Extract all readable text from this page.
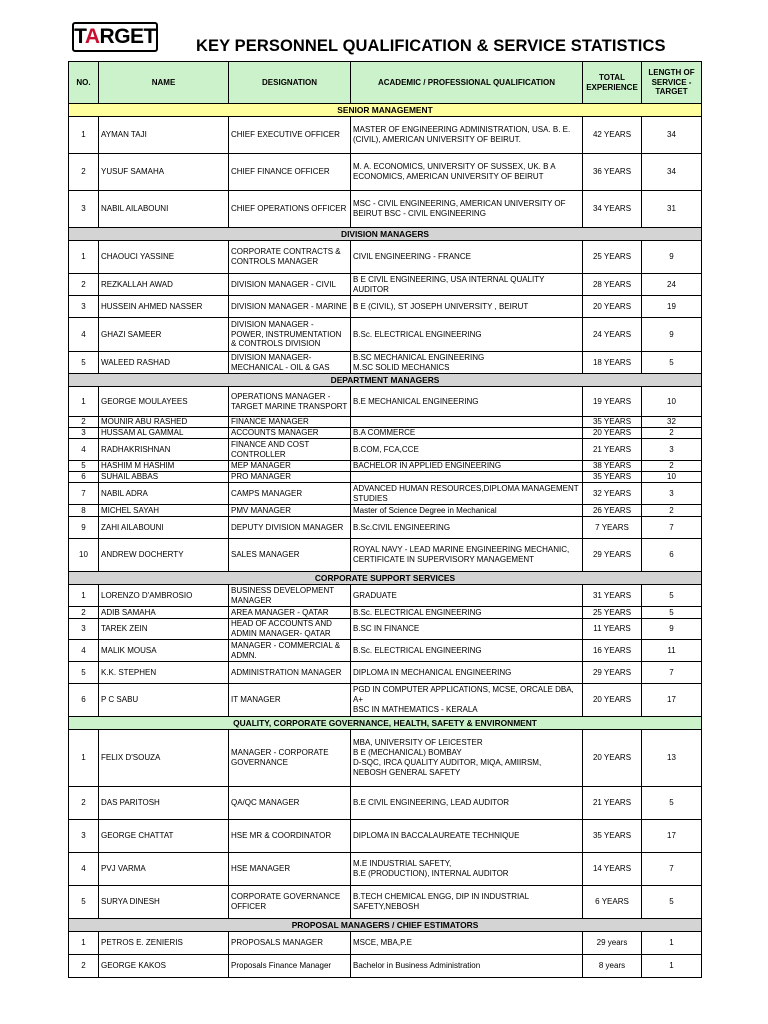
TARGET KEY PERSONNEL QUALIFICATION & SERVICE STATISTICS
NO.	NAME	DESIGNATION	ACADEMIC / PROFESSIONAL QUALIFICATION	TOTAL EXPERIENCE	LENGTH OF SERVICE - TARGET
SENIOR MANAGEMENT					
1	AYMAN TAJI	CHIEF EXECUTIVE OFFICER	MASTER OF ENGINEERING ADMINISTRATION, USA. B. E. (CIVIL), AMERICAN UNIVERSITY OF BEIRUT.	42 YEARS	34
2	YUSUF SAMAHA	CHIEF FINANCE OFFICER	M. A. ECONOMICS, UNIVERSITY OF SUSSEX, UK. B A ECONOMICS, AMERICAN UNIVERSITY OF BEIRUT	36 YEARS	34
3	NABIL AILABOUNI	CHIEF OPERATIONS OFFICER	MSC - CIVIL ENGINEERING, AMERICAN UNIVERSITY OF BEIRUT BSC - CIVIL ENGINEERING	34 YEARS	31
DIVISION MANAGERS					
1	CHAOUCI YASSINE	CORPORATE CONTRACTS & CONTROLS MANAGER	CIVIL ENGINEERING - FRANCE	25 YEARS	9
2	REZKALLAH AWAD	DIVISION MANAGER - CIVIL	B E CIVIL ENGINEERING, USA INTERNAL QUALITY AUDITOR	28 YEARS	24
3	HUSSEIN AHMED NASSER	DIVISION MANAGER - MARINE	B E (CIVIL), ST JOSEPH UNIVERSITY , BEIRUT	20 YEARS	19
4	GHAZI SAMEER	DIVISION MANAGER - POWER, INSTRUMENTATION & CONTROLS DIVISION	B.Sc. ELECTRICAL ENGINEERING	24 YEARS	9
5	WALEED RASHAD	DIVISION MANAGER- MECHANICAL - OIL & GAS	B.SC MECHANICAL ENGINEERING
M.SC SOLID MECHANICS	18 YEARS	5
DEPARTMENT MANAGERS					
1	GEORGE MOULAYEES	OPERATIONS MANAGER - TARGET MARINE TRANSPORT	B.E MECHANICAL ENGINEERING	19 YEARS	10
2	MOUNIR ABU RASHED	FINANCE MANAGER		35 YEARS	32
3	HUSSAM AL GAMMAL	ACCOUNTS MANAGER	B.A COMMERCE	20 YEARS	2
4	RADHAKRISHNAN	FINANCE AND COST CONTROLLER	B.COM, FCA,CCE	21 YEARS	3
5	HASHIM M HASHIM	MEP MANAGER	BACHELOR IN APPLIED ENGINEERING	38 YEARS	2
6	SUHAIL ABBAS	PRO MANAGER		35 YEARS	10
7	NABIL ADRA	CAMPS MANAGER	ADVANCED HUMAN RESOURCES,DIPLOMA MANAGEMENT STUDIES	32 YEARS	3
8	MICHEL SAYAH	PMV MANAGER	Master of Science Degree in Mechanical	26 YEARS	2
9	ZAHI AILABOUNI	DEPUTY DIVISION MANAGER	B.Sc.CIVIL ENGINEERING	7 YEARS	7
10	ANDREW DOCHERTY	SALES MANAGER	ROYAL NAVY - LEAD MARINE ENGINEERING MECHANIC, CERTIFICATE IN SUPERVISORY MANAGEMENT	29 YEARS	6
CORPORATE SUPPORT SERVICES					
1	LORENZO D'AMBROSIO	BUSINESS DEVELOPMENT MANAGER	GRADUATE	31 YEARS	5
2	ADIB SAMAHA	AREA MANAGER - QATAR	B.Sc. ELECTRICAL ENGINEERING	25 YEARS	5
3	TAREK ZEIN	HEAD OF ACCOUNTS AND ADMIN MANAGER- QATAR	B.SC IN FINANCE	11 YEARS	9
4	MALIK MOUSA	MANAGER - COMMERCIAL & ADMN.	B.Sc. ELECTRICAL ENGINEERING	16 YEARS	11
5	K.K. STEPHEN	ADMINISTRATION MANAGER	DIPLOMA IN MECHANICAL ENGINEERING	29 YEARS	7
6	P C SABU	IT MANAGER	PGD IN COMPUTER APPLICATIONS, MCSE, ORCALE DBA, A+
BSC IN MATHEMATICS - KERALA	20 YEARS	17
QUALITY, CORPORATE GOVERNANCE, HEALTH, SAFETY & ENVIRONMENT					
1	FELIX D'SOUZA	MANAGER - CORPORATE GOVERNANCE	MBA, UNIVERSITY OF LEICESTER
B E (MECHANICAL) BOMBAY
D-SQC, IRCA QUALITY AUDITOR, MIQA, AMIIRSM,
NEBOSH GENERAL SAFETY	20 YEARS	13
2	DAS PARITOSH	QA/QC MANAGER	B.E CIVIL ENGINEERING, LEAD AUDITOR	21 YEARS	5
3	GEORGE CHATTAT	HSE MR & COORDINATOR	DIPLOMA IN BACCALAUREATE TECHNIQUE	35 YEARS	17
4	PVJ VARMA	HSE MANAGER	M.E INDUSTRIAL SAFETY,
B.E (PRODUCTION), INTERNAL AUDITOR	14 YEARS	7
5	SURYA DINESH	CORPORATE GOVERNANCE OFFICER	B.TECH CHEMICAL ENGG, DIP IN INDUSTRIAL SAFETY,NEBOSH	6 YEARS	5
PROPOSAL MANAGERS / CHIEF ESTIMATORS					
1	PETROS E. ZENIERIS	PROPOSALS MANAGER	MSCE, MBA,P.E	29 years	1
2	GEORGE KAKOS	Proposals Finance Manager	Bachelor in Business Administration	8 years	1
